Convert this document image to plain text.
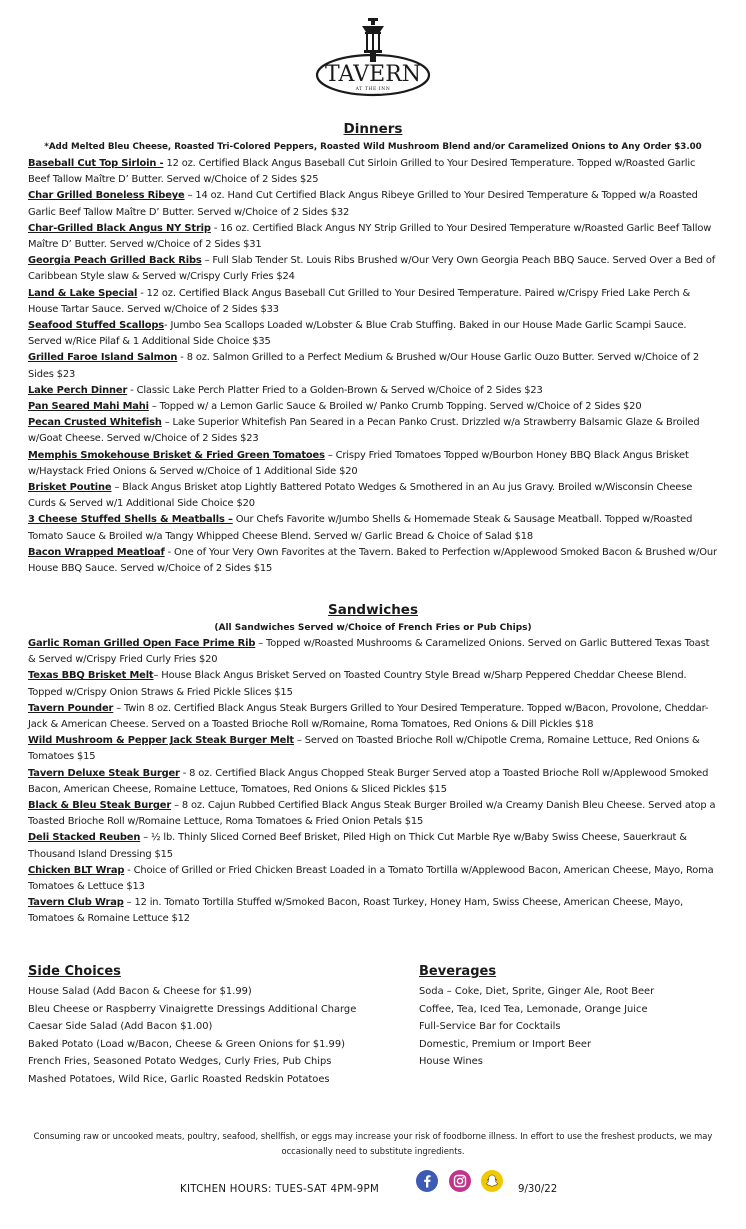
TAVERN
AT THE INN
Dinners
*Add Melted Bleu Cheese, Roasted Tri-Colored Peppers, Roasted Wild Mushroom Blend and/or Caramelized Onions to Any Order $3.00

Baseball Cut Top Sirloin - 12 oz. Certified Black Angus Baseball Cut Sirloin Grilled to Your Desired Temperature. Topped w/Roasted Garlic Beef Tallow Maître D’ Butter. Served w/Choice of 2 Sides $25

Char Grilled Boneless Ribeye – 14 oz. Hand Cut Certified Black Angus Ribeye Grilled to Your Desired Temperature & Topped w/a Roasted Garlic Beef Tallow Maître D’ Butter. Served w/Choice of 2 Sides $32

Char-Grilled Black Angus NY Strip - 16 oz. Certified Black Angus NY Strip Grilled to Your Desired Temperature w/Roasted Garlic Beef Tallow Maître D’ Butter. Served w/Choice of 2 Sides $31

Georgia Peach Grilled Back Ribs – Full Slab Tender St. Louis Ribs Brushed w/Our Very Own Georgia Peach BBQ Sauce. Served Over a Bed of Caribbean Style slaw & Served w/Crispy Curly Fries $24

Land & Lake Special - 12 oz. Certified Black Angus Baseball Cut Grilled to Your Desired Temperature. Paired w/Crispy Fried Lake Perch & House Tartar Sauce. Served w/Choice of 2 Sides $33

Seafood Stuffed Scallops- Jumbo Sea Scallops Loaded w/Lobster & Blue Crab Stuffing. Baked in our House Made Garlic Scampi Sauce. Served w/Rice Pilaf & 1 Additional Side Choice $35

Grilled Faroe Island Salmon - 8 oz. Salmon Grilled to a Perfect Medium & Brushed w/Our House Garlic Ouzo Butter. Served w/Choice of 2 Sides $23

Lake Perch Dinner - Classic Lake Perch Platter Fried to a Golden-Brown & Served w/Choice of 2 Sides $23

Pan Seared Mahi Mahi – Topped w/ a Lemon Garlic Sauce & Broiled w/ Panko Crumb Topping. Served w/Choice of 2 Sides $20

Pecan Crusted Whitefish – Lake Superior Whitefish Pan Seared in a Pecan Panko Crust. Drizzled w/a Strawberry Balsamic Glaze & Broiled w/Goat Cheese. Served w/Choice of 2 Sides $23

Memphis Smokehouse Brisket & Fried Green Tomatoes – Crispy Fried Tomatoes Topped w/Bourbon Honey BBQ Black Angus Brisket w/Haystack Fried Onions & Served w/Choice of 1 Additional Side $20

Brisket Poutine – Black Angus Brisket atop Lightly Battered Potato Wedges & Smothered in an Au jus Gravy. Broiled w/Wisconsin Cheese Curds & Served w/1 Additional Side Choice $20

3 Cheese Stuffed Shells & Meatballs – Our Chefs Favorite w/Jumbo Shells & Homemade Steak & Sausage Meatball. Topped w/Roasted Tomato Sauce & Broiled w/a Tangy Whipped Cheese Blend. Served w/ Garlic Bread & Choice of Salad $18

Bacon Wrapped Meatloaf - One of Your Very Own Favorites at the Tavern. Baked to Perfection w/Applewood Smoked Bacon & Brushed w/Our House BBQ Sauce. Served w/Choice of 2 Sides $15

Sandwiches
(All Sandwiches Served w/Choice of French Fries or Pub Chips)

Garlic Roman Grilled Open Face Prime Rib – Topped w/Roasted Mushrooms & Caramelized Onions. Served on Garlic Buttered Texas Toast & Served w/Crispy Fried Curly Fries $20

Texas BBQ Brisket Melt– House Black Angus Brisket Served on Toasted Country Style Bread w/Sharp Peppered Cheddar Cheese Blend. Topped w/Crispy Onion Straws & Fried Pickle Slices $15

Tavern Pounder – Twin 8 oz. Certified Black Angus Steak Burgers Grilled to Your Desired Temperature. Topped w/Bacon, Provolone, Cheddar-Jack & American Cheese. Served on a Toasted Brioche Roll w/Romaine, Roma Tomatoes, Red Onions & Dill Pickles $18

Wild Mushroom & Pepper Jack Steak Burger Melt – Served on Toasted Brioche Roll w/Chipotle Crema, Romaine Lettuce, Red Onions & Tomatoes $15

Tavern Deluxe Steak Burger - 8 oz. Certified Black Angus Chopped Steak Burger Served atop a Toasted Brioche Roll w/Applewood Smoked Bacon, American Cheese, Romaine Lettuce, Tomatoes, Red Onions & Sliced Pickles $15

Black & Bleu Steak Burger – 8 oz. Cajun Rubbed Certified Black Angus Steak Burger Broiled w/a Creamy Danish Bleu Cheese. Served atop a Toasted Brioche Roll w/Romaine Lettuce, Roma Tomatoes & Fried Onion Petals $15

Deli Stacked Reuben – ½ lb. Thinly Sliced Corned Beef Brisket, Piled High on Thick Cut Marble Rye w/Baby Swiss Cheese, Sauerkraut & Thousand Island Dressing $15

Chicken BLT Wrap - Choice of Grilled or Fried Chicken Breast Loaded in a Tomato Tortilla w/Applewood Bacon, American Cheese, Mayo, Roma Tomatoes & Lettuce $13

Tavern Club Wrap – 12 in. Tomato Tortilla Stuffed w/Smoked Bacon, Roast Turkey, Honey Ham, Swiss Cheese, American Cheese, Mayo, Tomatoes & Romaine Lettuce $12

Side Choices
House Salad (Add Bacon & Cheese for $1.99)
Bleu Cheese or Raspberry Vinaigrette Dressings Additional Charge
Caesar Side Salad (Add Bacon $1.00)
Baked Potato (Load w/Bacon, Cheese & Green Onions for $1.99)
French Fries, Seasoned Potato Wedges, Curly Fries, Pub Chips
Mashed Potatoes, Wild Rice, Garlic Roasted Redskin Potatoes
Beverages
Soda – Coke, Diet, Sprite, Ginger Ale, Root Beer
Coffee, Tea, Iced Tea, Lemonade, Orange Juice
Full-Service Bar for Cocktails
Domestic, Premium or Import Beer
House Wines
Consuming raw or uncooked meats, poultry, seafood, shellfish, or eggs may increase your risk of foodborne illness. In effort to use the freshest products, we may occasionally need to substitute ingredients.
KITCHEN HOURS: TUES-SAT 4PM-9PM	9/30/22
